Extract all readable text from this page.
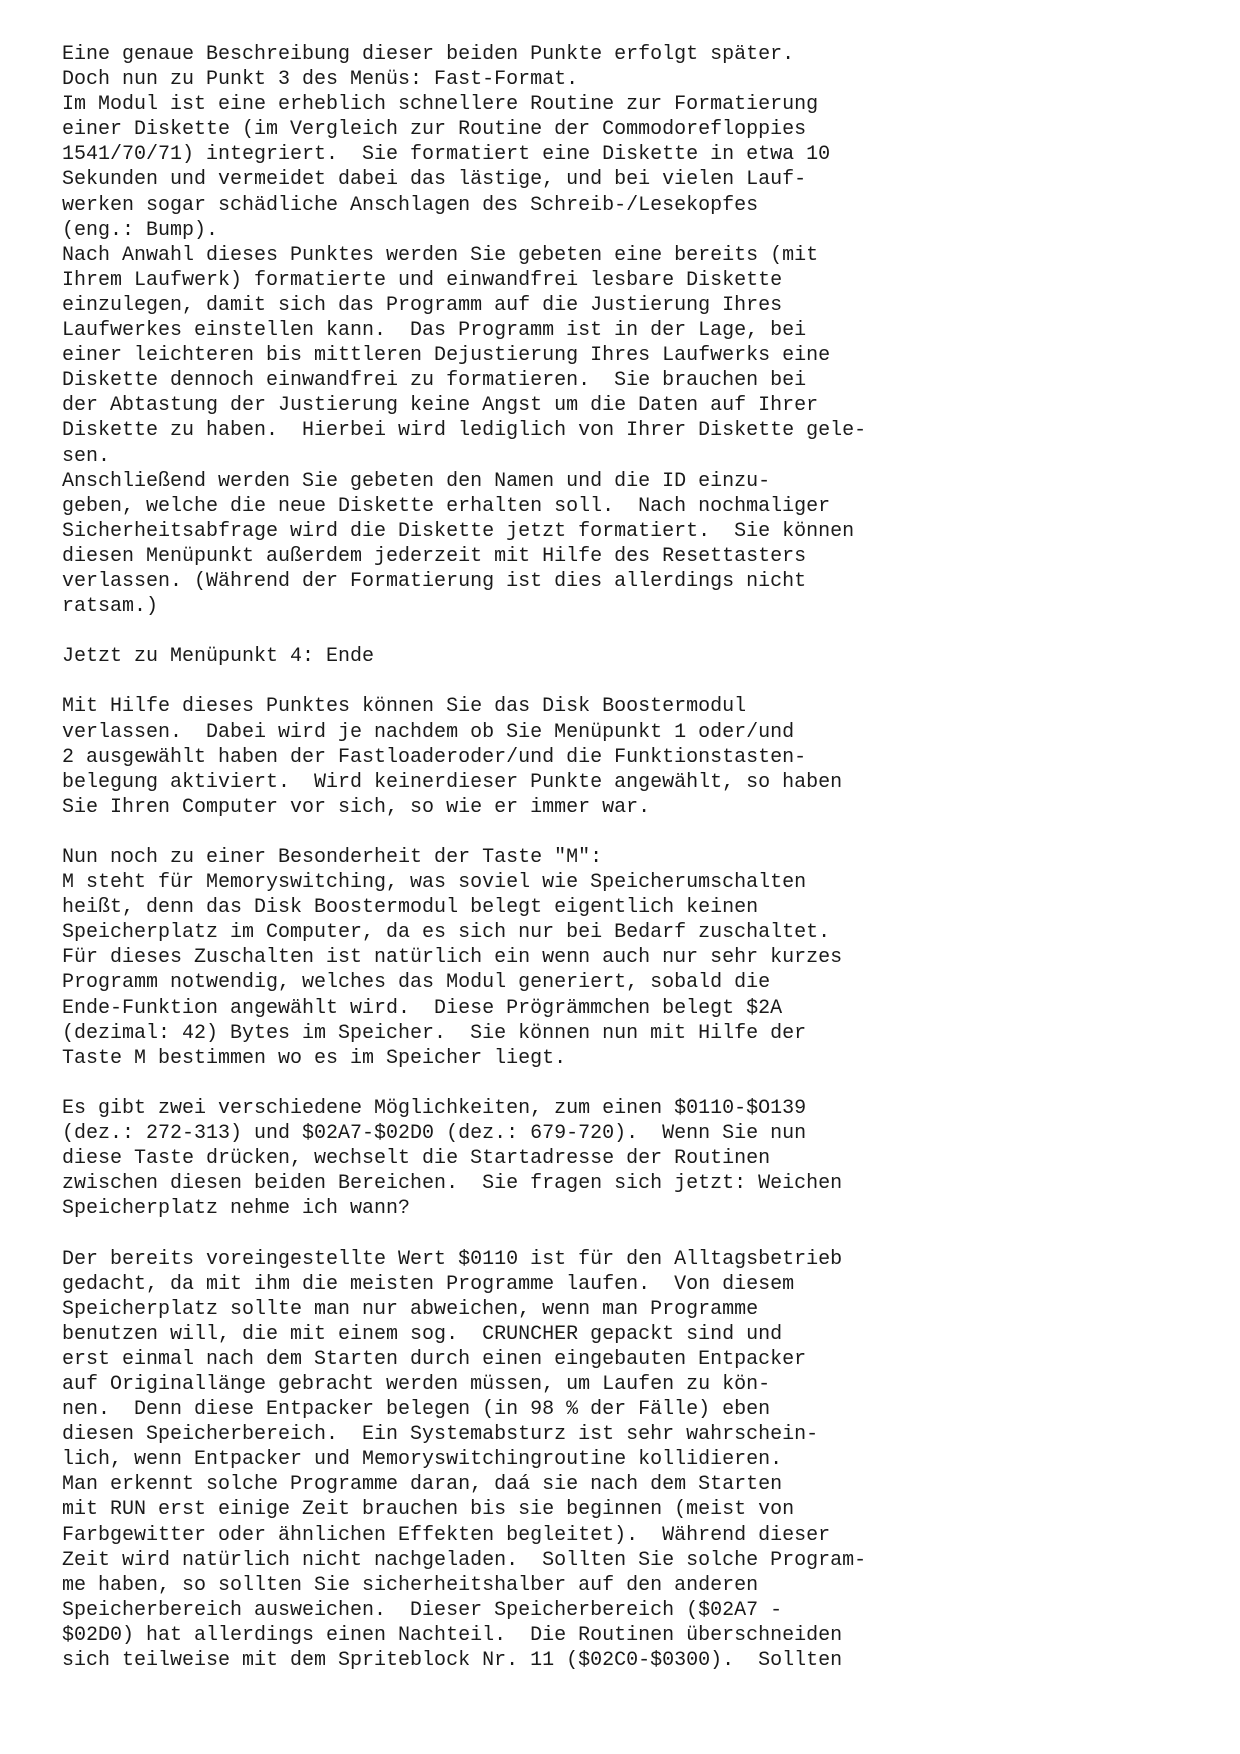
Eine genaue Beschreibung dieser beiden Punkte erfolgt später.
Doch nun zu Punkt 3 des Menüs: Fast-Format.
Im Modul ist eine erheblich schnellere Routine zur Formatierung
einer Diskette (im Vergleich zur Routine der Commodorefloppies
1541/70/71) integriert.  Sie formatiert eine Diskette in etwa 10
Sekunden und vermeidet dabei das lästige, und bei vielen Lauf-
werken sogar schädliche Anschlagen des Schreib-/Lesekopfes
(eng.: Bump).
Nach Anwahl dieses Punktes werden Sie gebeten eine bereits (mit
Ihrem Laufwerk) formatierte und einwandfrei lesbare Diskette
einzulegen, damit sich das Programm auf die Justierung Ihres
Laufwerkes einstellen kann.  Das Programm ist in der Lage, bei
einer leichteren bis mittleren Dejustierung Ihres Laufwerks eine
Diskette dennoch einwandfrei zu formatieren.  Sie brauchen bei
der Abtastung der Justierung keine Angst um die Daten auf Ihrer
Diskette zu haben.  Hierbei wird lediglich von Ihrer Diskette gele-
sen.
Anschließend werden Sie gebeten den Namen und die ID einzu-
geben, welche die neue Diskette erhalten soll.  Nach nochmaliger
Sicherheitsabfrage wird die Diskette jetzt formatiert.  Sie können
diesen Menüpunkt außerdem jederzeit mit Hilfe des Resettasters
verlassen. (Während der Formatierung ist dies allerdings nicht
ratsam.)
Jetzt zu Menüpunkt 4: Ende
Mit Hilfe dieses Punktes können Sie das Disk Boostermodul
verlassen.  Dabei wird je nachdem ob Sie Menüpunkt 1 oder/und
2 ausgewählt haben der Fastloaderoder/und die Funktionstasten-
belegung aktiviert.  Wird keinerdieser Punkte angewählt, so haben
Sie Ihren Computer vor sich, so wie er immer war.
Nun noch zu einer Besonderheit der Taste "M":
M steht für Memoryswitching, was soviel wie Speicherumschalten
heißt, denn das Disk Boostermodul belegt eigentlich keinen
Speicherplatz im Computer, da es sich nur bei Bedarf zuschaltet.
Für dieses Zuschalten ist natürlich ein wenn auch nur sehr kurzes
Programm notwendig, welches das Modul generiert, sobald die
Ende-Funktion angewählt wird.  Diese Prögrämmchen belegt $2A
(dezimal: 42) Bytes im Speicher.  Sie können nun mit Hilfe der
Taste M bestimmen wo es im Speicher liegt.
Es gibt zwei verschiedene Möglichkeiten, zum einen $0110-$O139
(dez.: 272-313) und $02A7-$02D0 (dez.: 679-720).  Wenn Sie nun
diese Taste drücken, wechselt die Startadresse der Routinen
zwischen diesen beiden Bereichen.  Sie fragen sich jetzt: Weichen
Speicherplatz nehme ich wann?
Der bereits voreingestellte Wert $0110 ist für den Alltagsbetrieb
gedacht, da mit ihm die meisten Programme laufen.  Von diesem
Speicherplatz sollte man nur abweichen, wenn man Programme
benutzen will, die mit einem sog.  CRUNCHER gepackt sind und
erst einmal nach dem Starten durch einen eingebauten Entpacker
auf Originallänge gebracht werden müssen, um Laufen zu kön-
nen.  Denn diese Entpacker belegen (in 98 % der Fälle) eben
diesen Speicherbereich.  Ein Systemabsturz ist sehr wahrschein-
lich, wenn Entpacker und Memoryswitchingroutine kollidieren.
Man erkennt solche Programme daran, daá sie nach dem Starten
mit RUN erst einige Zeit brauchen bis sie beginnen (meist von
Farbgewitter oder ähnlichen Effekten begleitet).  Während dieser
Zeit wird natürlich nicht nachgeladen.  Sollten Sie solche Program-
me haben, so sollten Sie sicherheitshalber auf den anderen
Speicherbereich ausweichen.  Dieser Speicherbereich ($02A7 -
$02D0) hat allerdings einen Nachteil.  Die Routinen überschneiden
sich teilweise mit dem Spriteblock Nr. 11 ($02C0-$0300).  Sollten
